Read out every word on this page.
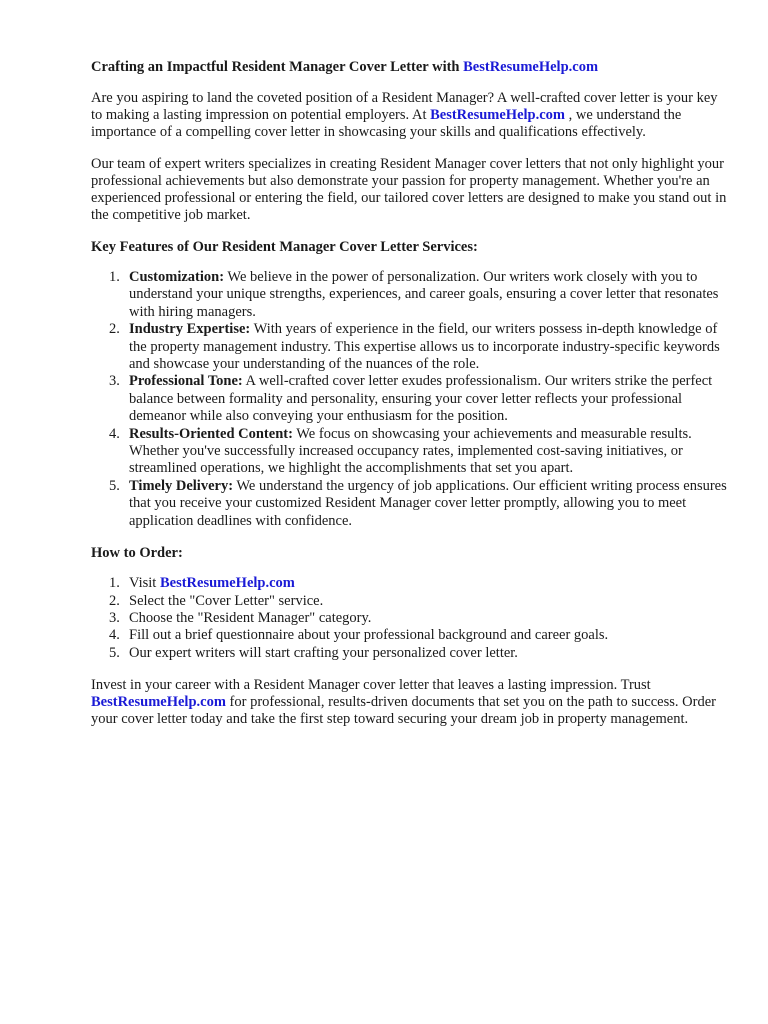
Crafting an Impactful Resident Manager Cover Letter with BestResumeHelp.com

Are you aspiring to land the coveted position of a Resident Manager? A well-crafted cover letter is your key to making a lasting impression on potential employers. At BestResumeHelp.com , we understand the importance of a compelling cover letter in showcasing your skills and qualifications effectively.

Our team of expert writers specializes in creating Resident Manager cover letters that not only highlight your professional achievements but also demonstrate your passion for property management. Whether you're an experienced professional or entering the field, our tailored cover letters are designed to make you stand out in the competitive job market.

Key Features of Our Resident Manager Cover Letter Services:
1. Customization: We believe in the power of personalization. Our writers work closely with you to understand your unique strengths, experiences, and career goals, ensuring a cover letter that resonates with hiring managers.
2. Industry Expertise: With years of experience in the field, our writers possess in-depth knowledge of the property management industry. This expertise allows us to incorporate industry-specific keywords and showcase your understanding of the nuances of the role.
3. Professional Tone: A well-crafted cover letter exudes professionalism. Our writers strike the perfect balance between formality and personality, ensuring your cover letter reflects your professional demeanor while also conveying your enthusiasm for the position.
4. Results-Oriented Content: We focus on showcasing your achievements and measurable results. Whether you've successfully increased occupancy rates, implemented cost-saving initiatives, or streamlined operations, we highlight the accomplishments that set you apart.
5. Timely Delivery: We understand the urgency of job applications. Our efficient writing process ensures that you receive your customized Resident Manager cover letter promptly, allowing you to meet application deadlines with confidence.
How to Order:
1. Visit BestResumeHelp.com
2. Select the "Cover Letter" service.
3. Choose the "Resident Manager" category.
4. Fill out a brief questionnaire about your professional background and career goals.
5. Our expert writers will start crafting your personalized cover letter.

Invest in your career with a Resident Manager cover letter that leaves a lasting impression. Trust BestResumeHelp.com for professional, results-driven documents that set you on the path to success. Order your cover letter today and take the first step toward securing your dream job in property management.
